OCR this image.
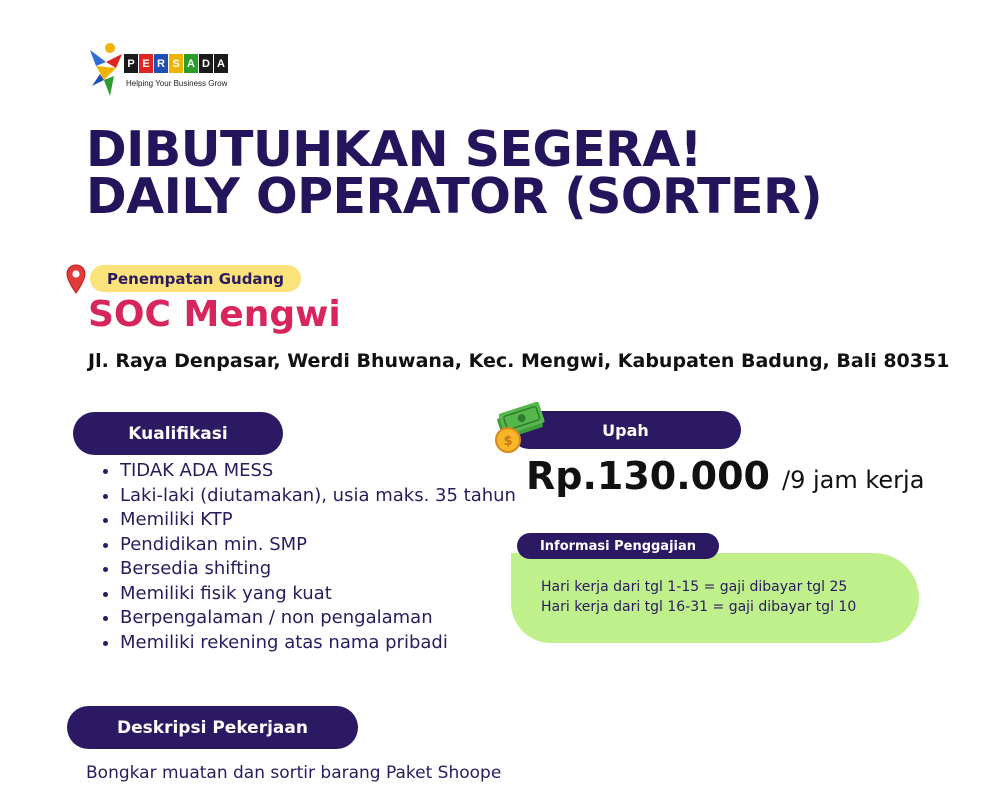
P E R S A D A
Helping Your Business Grow
DIBUTUHKAN SEGERA!
DAILY OPERATOR (SORTER)
Penempatan Gudang
SOC Mengwi
Jl. Raya Denpasar, Werdi Bhuwana, Kec. Mengwi, Kabupaten Badung, Bali 80351
Kualifikasi
• TIDAK ADA MESS
• Laki-laki (diutamakan), usia maks. 35 tahun
• Memiliki KTP
• Pendidikan min. SMP
• Bersedia shifting
• Memiliki fisik yang kuat
• Berpengalaman / non pengalaman
• Memiliki rekening atas nama pribadi
Upah
$
Rp.130.000 /9 jam kerja
Hari kerja dari tgl 1-15 = gaji dibayar tgl 25
Hari kerja dari tgl 16-31 = gaji dibayar tgl 10
Informasi Penggajian
Deskripsi Pekerjaan
Bongkar muatan dan sortir barang Paket Shoope
